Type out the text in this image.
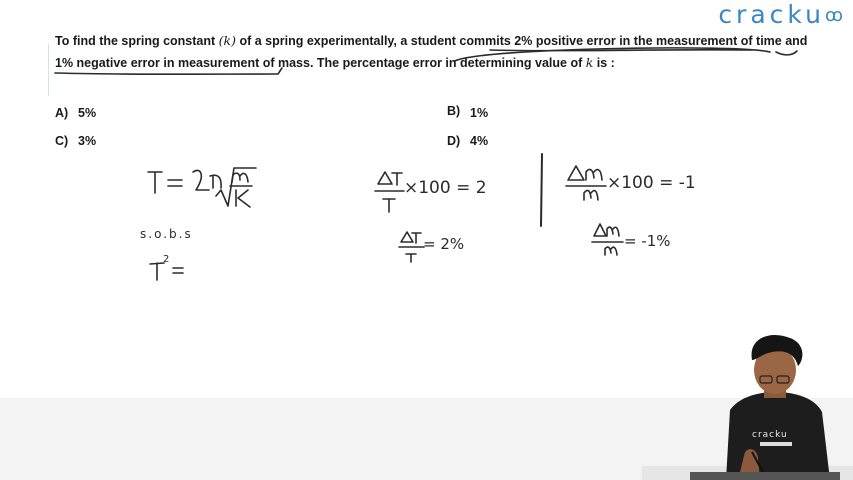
crackuoo
To find the spring constant (k) of a spring experimentally, a student commits 2% positive error in the measurement of time and 1% negative error in measurement of mass. The percentage error in determining value of k is :
A) 5%	B) 1%
C) 3%	D) 4%
s.o.b.s
2
×100 = 2
= 2%
×100 = -1
= -1%
cracku
